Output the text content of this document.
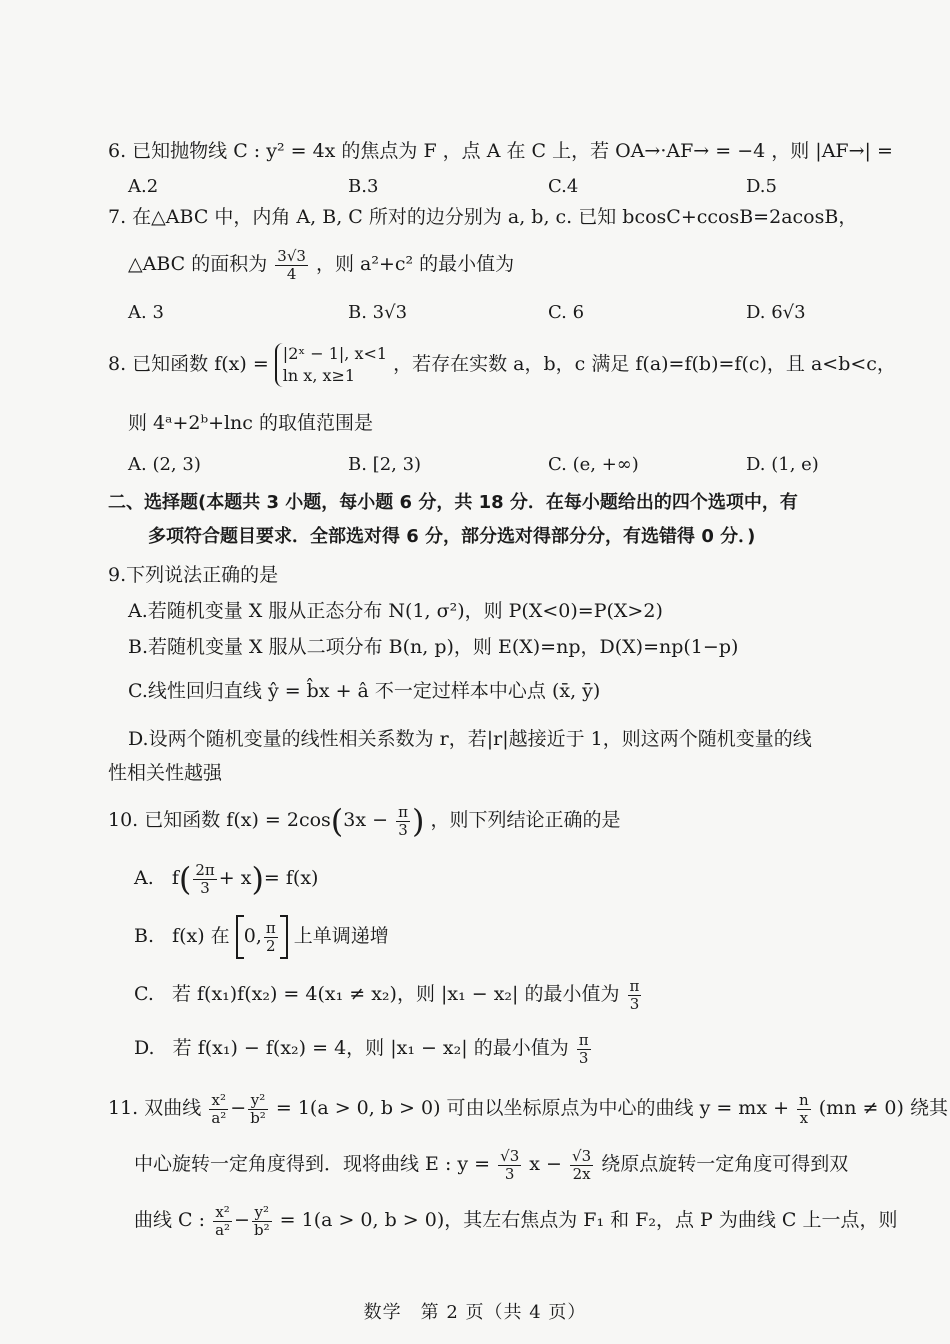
6. 已知抛物线 C : y² = 4x 的焦点为 F ，点 A 在 C 上，若 OA→·AF→ = −4 ，则 |AF→| =
A.2	B.3	C.4	D.5
7. 在△ABC 中，内角 A, B, C 所对的边分别为 a, b, c. 已知 bcosC+ccosB=2acosB，
△ABC 的面积为 $\frac{3√3}{4}$ ，则 a²+c² 的最小值为
A. 3	B. 3√3	C. 6	D. 6√3
8. 已知函数 f(x) = |2ˣ − 1|, x<1
ln x, x≥1
，若存在实数 a，b，c 满足 f(a)=f(b)=f(c)，且 a<b<c，
则 4ᵃ+2ᵇ+lnc 的取值范围是
A. (2, 3)	B. [2, 3)	C. (e, +∞)	D. (1, e)
二、选择题(本题共 3 小题，每小题 6 分，共 18 分．在每小题给出的四个选项中，有
多项符合题目要求．全部选对得 6 分，部分选对得部分分，有选错得 0 分．)
9.下列说法正确的是
A.若随机变量 X 服从正态分布 N(1, σ²)，则 P(X<0)=P(X>2)
B.若随机变量 X 服从二项分布 B(n, p)，则 E(X)=np，D(X)=np(1−p)
C.线性回归直线 ŷ = b̂x + â 不一定过样本中心点 (x̄, ȳ)
D.设两个随机变量的线性相关系数为 r，若|r|越接近于 1，则这两个随机变量的线
性相关性越强
10. 已知函数 $f(x) = 2\cos(3x - \frac{\pi}{3}$ ) ，则下列结论正确的是
A. $f( \frac{2\pi}{3} + x)= f(x)$
B. f(x) 在 0, $\frac{\pi}{2}$ 上单调递增
C. 若 f(x₁)f(x₂) = 4(x₁ ≠ x₂)，则 |x₁ − x₂| 的最小值为 $\frac{\pi}{3}$
D. 若 f(x₁) − f(x₂) = 4，则 |x₁ − x₂| 的最小值为 $\frac{\pi}{3}$
11. 双曲线 $\frac{\text{x²}}{\text{a²}} - \frac{\text{y²}}{\text{b²}} = 1(a > 0$, b > 0) 可由以坐标原点为中心的曲线 y = mx + $\frac{n}{x} (mn \ne 0)$ 绕其
中心旋转一定角度得到．现将曲线 E : $y = \frac{√3}{3}$ $x - \frac{√3}{2x}$ 绕原点旋转一定角度可得到双
曲线 C : $\frac{\text{x²}}{\text{a²}} - \frac{\text{y²}}{\text{b²}} = 1(a > 0$, b > 0)，其左右焦点为 F₁ 和 F₂，点 P 为曲线 C 上一点，则
数学　第 2 页（共 4 页）
